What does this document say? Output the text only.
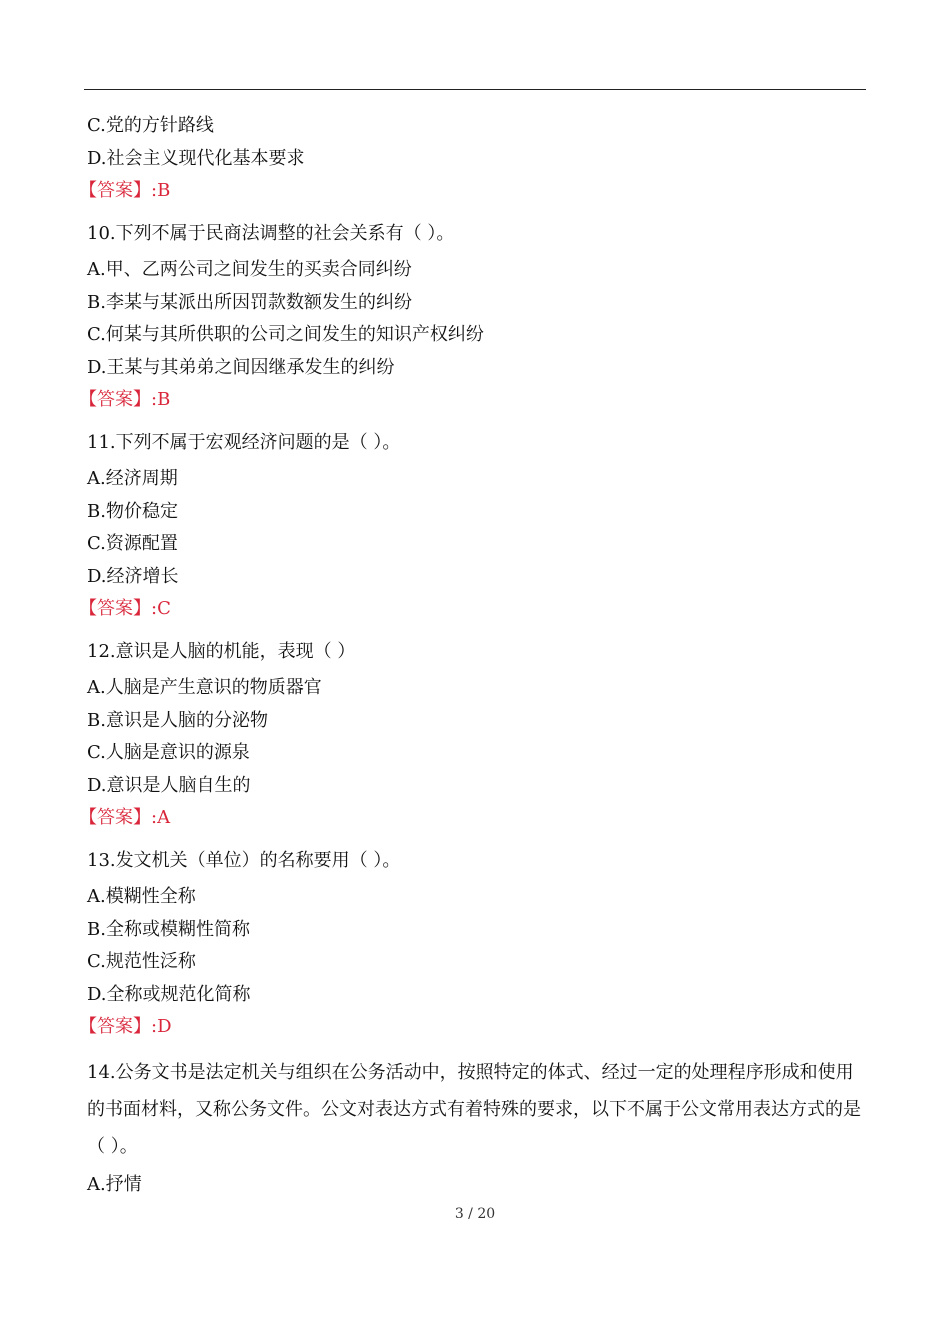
C.党的方针路线
D.社会主义现代化基本要求
【答案】:B
10.下列不属于民商法调整的社会关系有（ ）。
A.甲、乙两公司之间发生的买卖合同纠纷
B.李某与某派出所因罚款数额发生的纠纷
C.何某与其所供职的公司之间发生的知识产权纠纷
D.王某与其弟弟之间因继承发生的纠纷
【答案】:B
11.下列不属于宏观经济问题的是（ ）。
A.经济周期
B.物价稳定
C.资源配置
D.经济增长
【答案】:C
12.意识是人脑的机能，表现（ ）
A.人脑是产生意识的物质器官
B.意识是人脑的分泌物
C.人脑是意识的源泉
D.意识是人脑自生的
【答案】:A
13.发文机关（单位）的名称要用（ ）。
A.模糊性全称
B.全称或模糊性简称
C.规范性泛称
D.全称或规范化简称
【答案】:D
14.公务文书是法定机关与组织在公务活动中，按照特定的体式、经过一定的处理程序形成和使用的书面材料，又称公务文件。公文对表达方式有着特殊的要求，以下不属于公文常用表达方式的是（ ）。
A.抒情
3 / 20
